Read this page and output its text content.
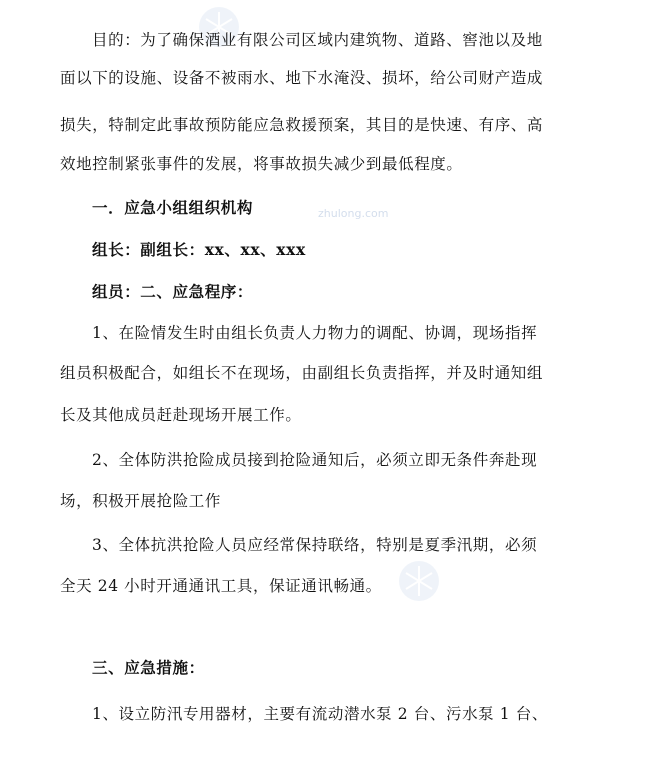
zhulong.com
目的：为了确保酒业有限公司区域内建筑物、道路、窖池以及地
面以下的设施、设备不被雨水、地下水淹没、损坏，给公司财产造成
损失，特制定此事故预防能应急救援预案，其目的是快速、有序、高
效地控制紧张事件的发展，将事故损失减少到最低程度。
一．应急小组组织机构
组长：副组长：xx、xx、xxx
组员：二、应急程序：
1、在险情发生时由组长负责人力物力的调配、协调，现场指挥
组员积极配合，如组长不在现场，由副组长负责指挥，并及时通知组
长及其他成员赶赴现场开展工作。
2、全体防洪抢险成员接到抢险通知后，必须立即无条件奔赴现
场，积极开展抢险工作
3、全体抗洪抢险人员应经常保持联络，特别是夏季汛期，必须
全天 24 小时开通通讯工具，保证通讯畅通。
三、应急措施：
1、设立防汛专用器材，主要有流动潜水泵 2 台、污水泵 1 台、
